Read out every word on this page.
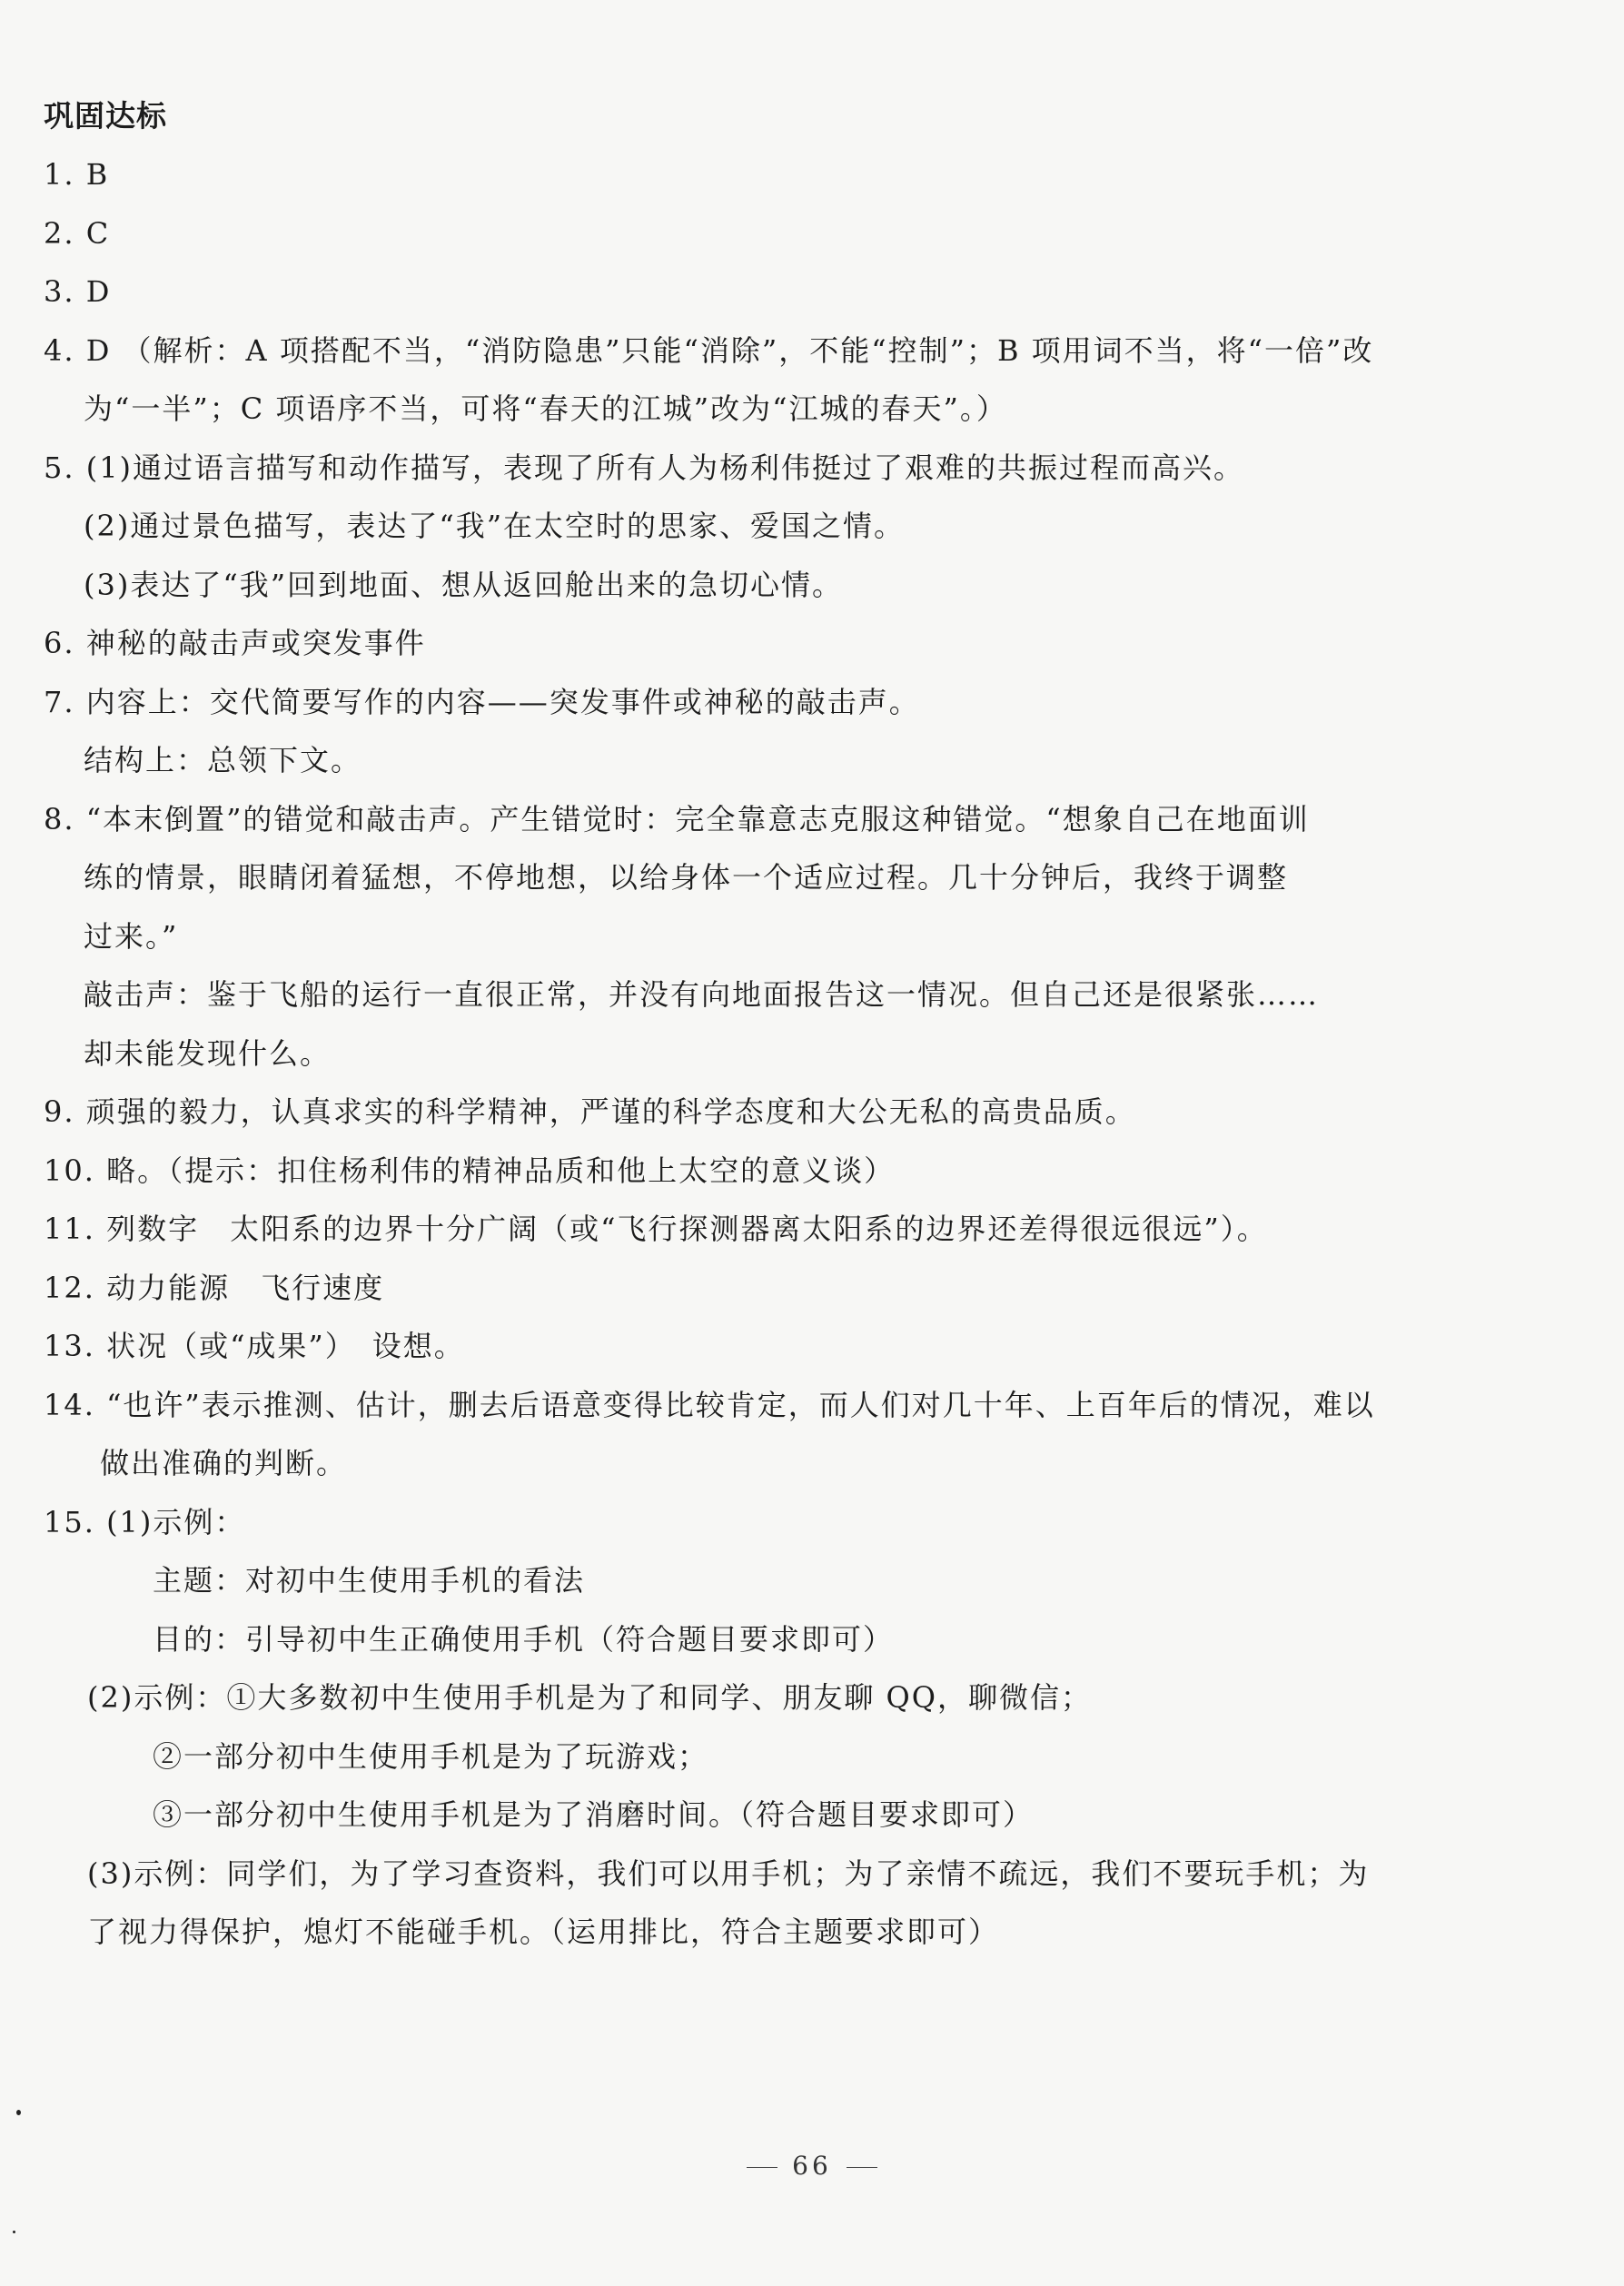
巩固达标
1. B
2. C
3. D
4. D （解析：A 项搭配不当，“消防隐患”只能“消除”，不能“控制”；B 项用词不当，将“一倍”改
为“一半”；C 项语序不当，可将“春天的江城”改为“江城的春天”。）
5. (1)通过语言描写和动作描写，表现了所有人为杨利伟挺过了艰难的共振过程而高兴。
(2)通过景色描写，表达了“我”在太空时的思家、爱国之情。
(3)表达了“我”回到地面、想从返回舱出来的急切心情。
6. 神秘的敲击声或突发事件
7. 内容上：交代简要写作的内容——突发事件或神秘的敲击声。
结构上：总领下文。
8. “本末倒置”的错觉和敲击声。产生错觉时：完全靠意志克服这种错觉。“想象自己在地面训
练的情景，眼睛闭着猛想，不停地想，以给身体一个适应过程。几十分钟后，我终于调整
过来。”
敲击声：鉴于飞船的运行一直很正常，并没有向地面报告这一情况。但自己还是很紧张……
却未能发现什么。
9. 顽强的毅力，认真求实的科学精神，严谨的科学态度和大公无私的高贵品质。
10. 略。（提示：扣住杨利伟的精神品质和他上太空的意义谈）
11. 列数字　太阳系的边界十分广阔（或“飞行探测器离太阳系的边界还差得很远很远”）。
12. 动力能源　飞行速度
13. 状况（或“成果”）　设想。
14. “也许”表示推测、估计，删去后语意变得比较肯定，而人们对几十年、上百年后的情况，难以
做出准确的判断。
15. (1)示例：
主题：对初中生使用手机的看法
目的：引导初中生正确使用手机（符合题目要求即可）
(2)示例：①大多数初中生使用手机是为了和同学、朋友聊 QQ，聊微信；
②一部分初中生使用手机是为了玩游戏；
③一部分初中生使用手机是为了消磨时间。（符合题目要求即可）
(3)示例：同学们，为了学习查资料，我们可以用手机；为了亲情不疏远，我们不要玩手机；为
了视力得保护，熄灯不能碰手机。（运用排比，符合主题要求即可）
66
